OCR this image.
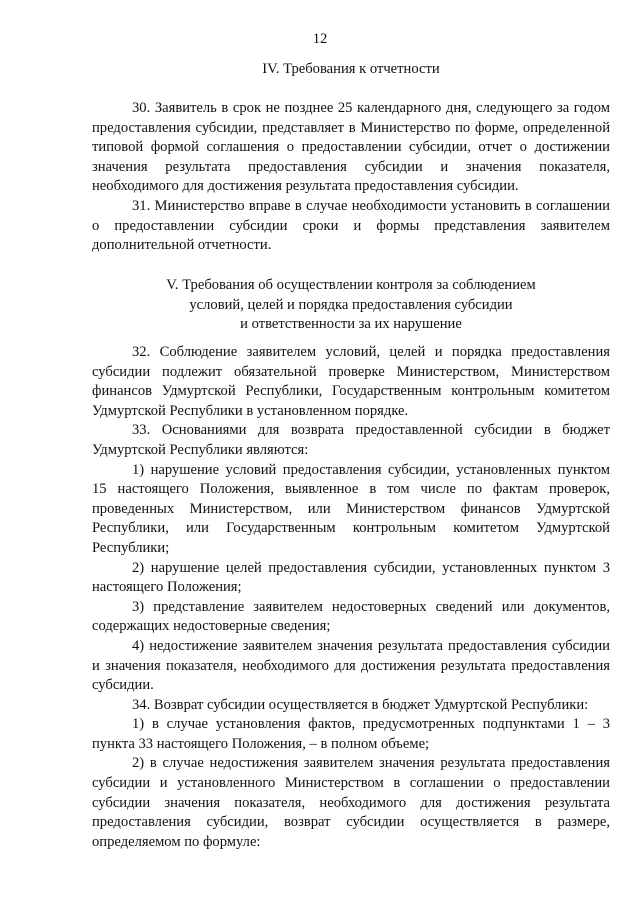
12
IV. Требования к отчетности

30. Заявитель в срок не позднее 25 календарного дня, следующего за годом предоставления субсидии, представляет в Министерство по форме, определенной типовой формой соглашения о предоставлении субсидии, отчет о достижении значения результата предоставления субсидии и значения показателя, необходимого для достижения результата предоставления субсидии.

31. Министерство вправе в случае необходимости установить в соглашении о предоставлении субсидии сроки и формы представления заявителем дополнительной отчетности.

V. Требования об осуществлении контроля за соблюдением
условий, целей и порядка предоставления субсидии
и ответственности за их нарушение

32. Соблюдение заявителем условий, целей и порядка предоставления субсидии подлежит обязательной проверке Министерством, Министерством финансов Удмуртской Республики, Государственным контрольным комитетом Удмуртской Республики в установленном порядке.

33. Основаниями для возврата предоставленной субсидии в бюджет Удмуртской Республики являются:

1) нарушение условий предоставления субсидии, установленных пунктом 15 настоящего Положения, выявленное в том числе по фактам проверок, проведенных Министерством, или Министерством финансов Удмуртской Республики, или Государственным контрольным комитетом Удмуртской Республики;

2) нарушение целей предоставления субсидии, установленных пунктом 3 настоящего Положения;

3) представление заявителем недостоверных сведений или документов, содержащих недостоверные сведения;

4) недостижение заявителем значения результата предоставления субсидии и значения показателя, необходимого для достижения результата предоставления субсидии.

34. Возврат субсидии осуществляется в бюджет Удмуртской Республики:

1) в случае установления фактов, предусмотренных подпунктами 1 – 3 пункта 33 настоящего Положения, – в полном объеме;

2) в случае недостижения заявителем значения результата предоставления субсидии и установленного Министерством в соглашении о предоставлении субсидии значения показателя, необходимого для достижения результата предоставления субсидии, возврат субсидии осуществляется в размере, определяемом по формуле:
